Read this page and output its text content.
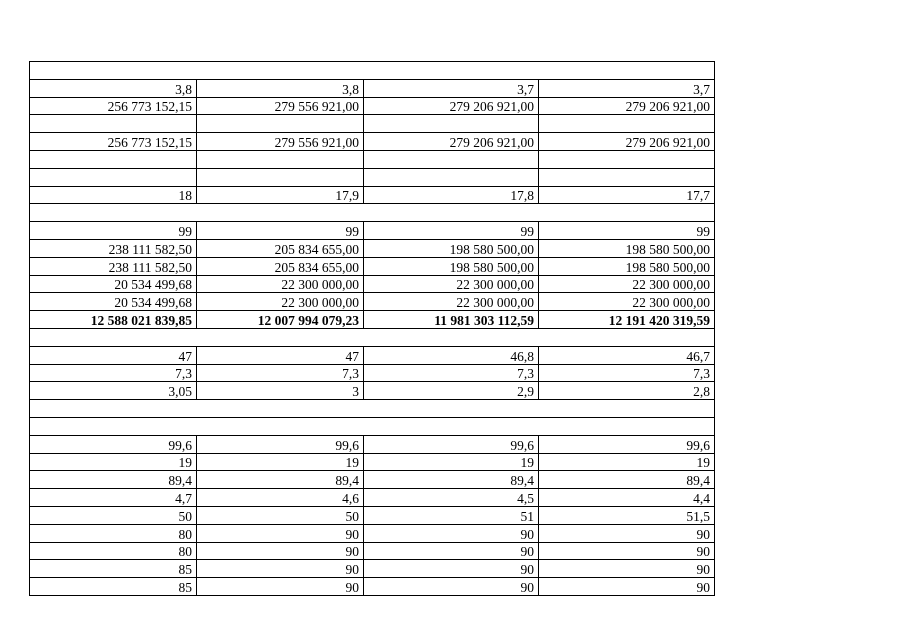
3,8	3,8	3,7	3,7
256 773 152,15	279 556 921,00	279 206 921,00	279 206 921,00

256 773 152,15	279 556 921,00	279 206 921,00	279 206 921,00

18	17,9	17,8	17,7

99	99	99	99
238 111 582,50	205 834 655,00	198 580 500,00	198 580 500,00
238 111 582,50	205 834 655,00	198 580 500,00	198 580 500,00
20 534 499,68	22 300 000,00	22 300 000,00	22 300 000,00
20 534 499,68	22 300 000,00	22 300 000,00	22 300 000,00
12 588 021 839,85	12 007 994 079,23	11 981 303 112,59	12 191 420 319,59

47	47	46,8	46,7
7,3	7,3	7,3	7,3
3,05	3	2,9	2,8

99,6	99,6	99,6	99,6
19	19	19	19
89,4	89,4	89,4	89,4
4,7	4,6	4,5	4,4
50	50	51	51,5
80	90	90	90
80	90	90	90
85	90	90	90
85	90	90	90
